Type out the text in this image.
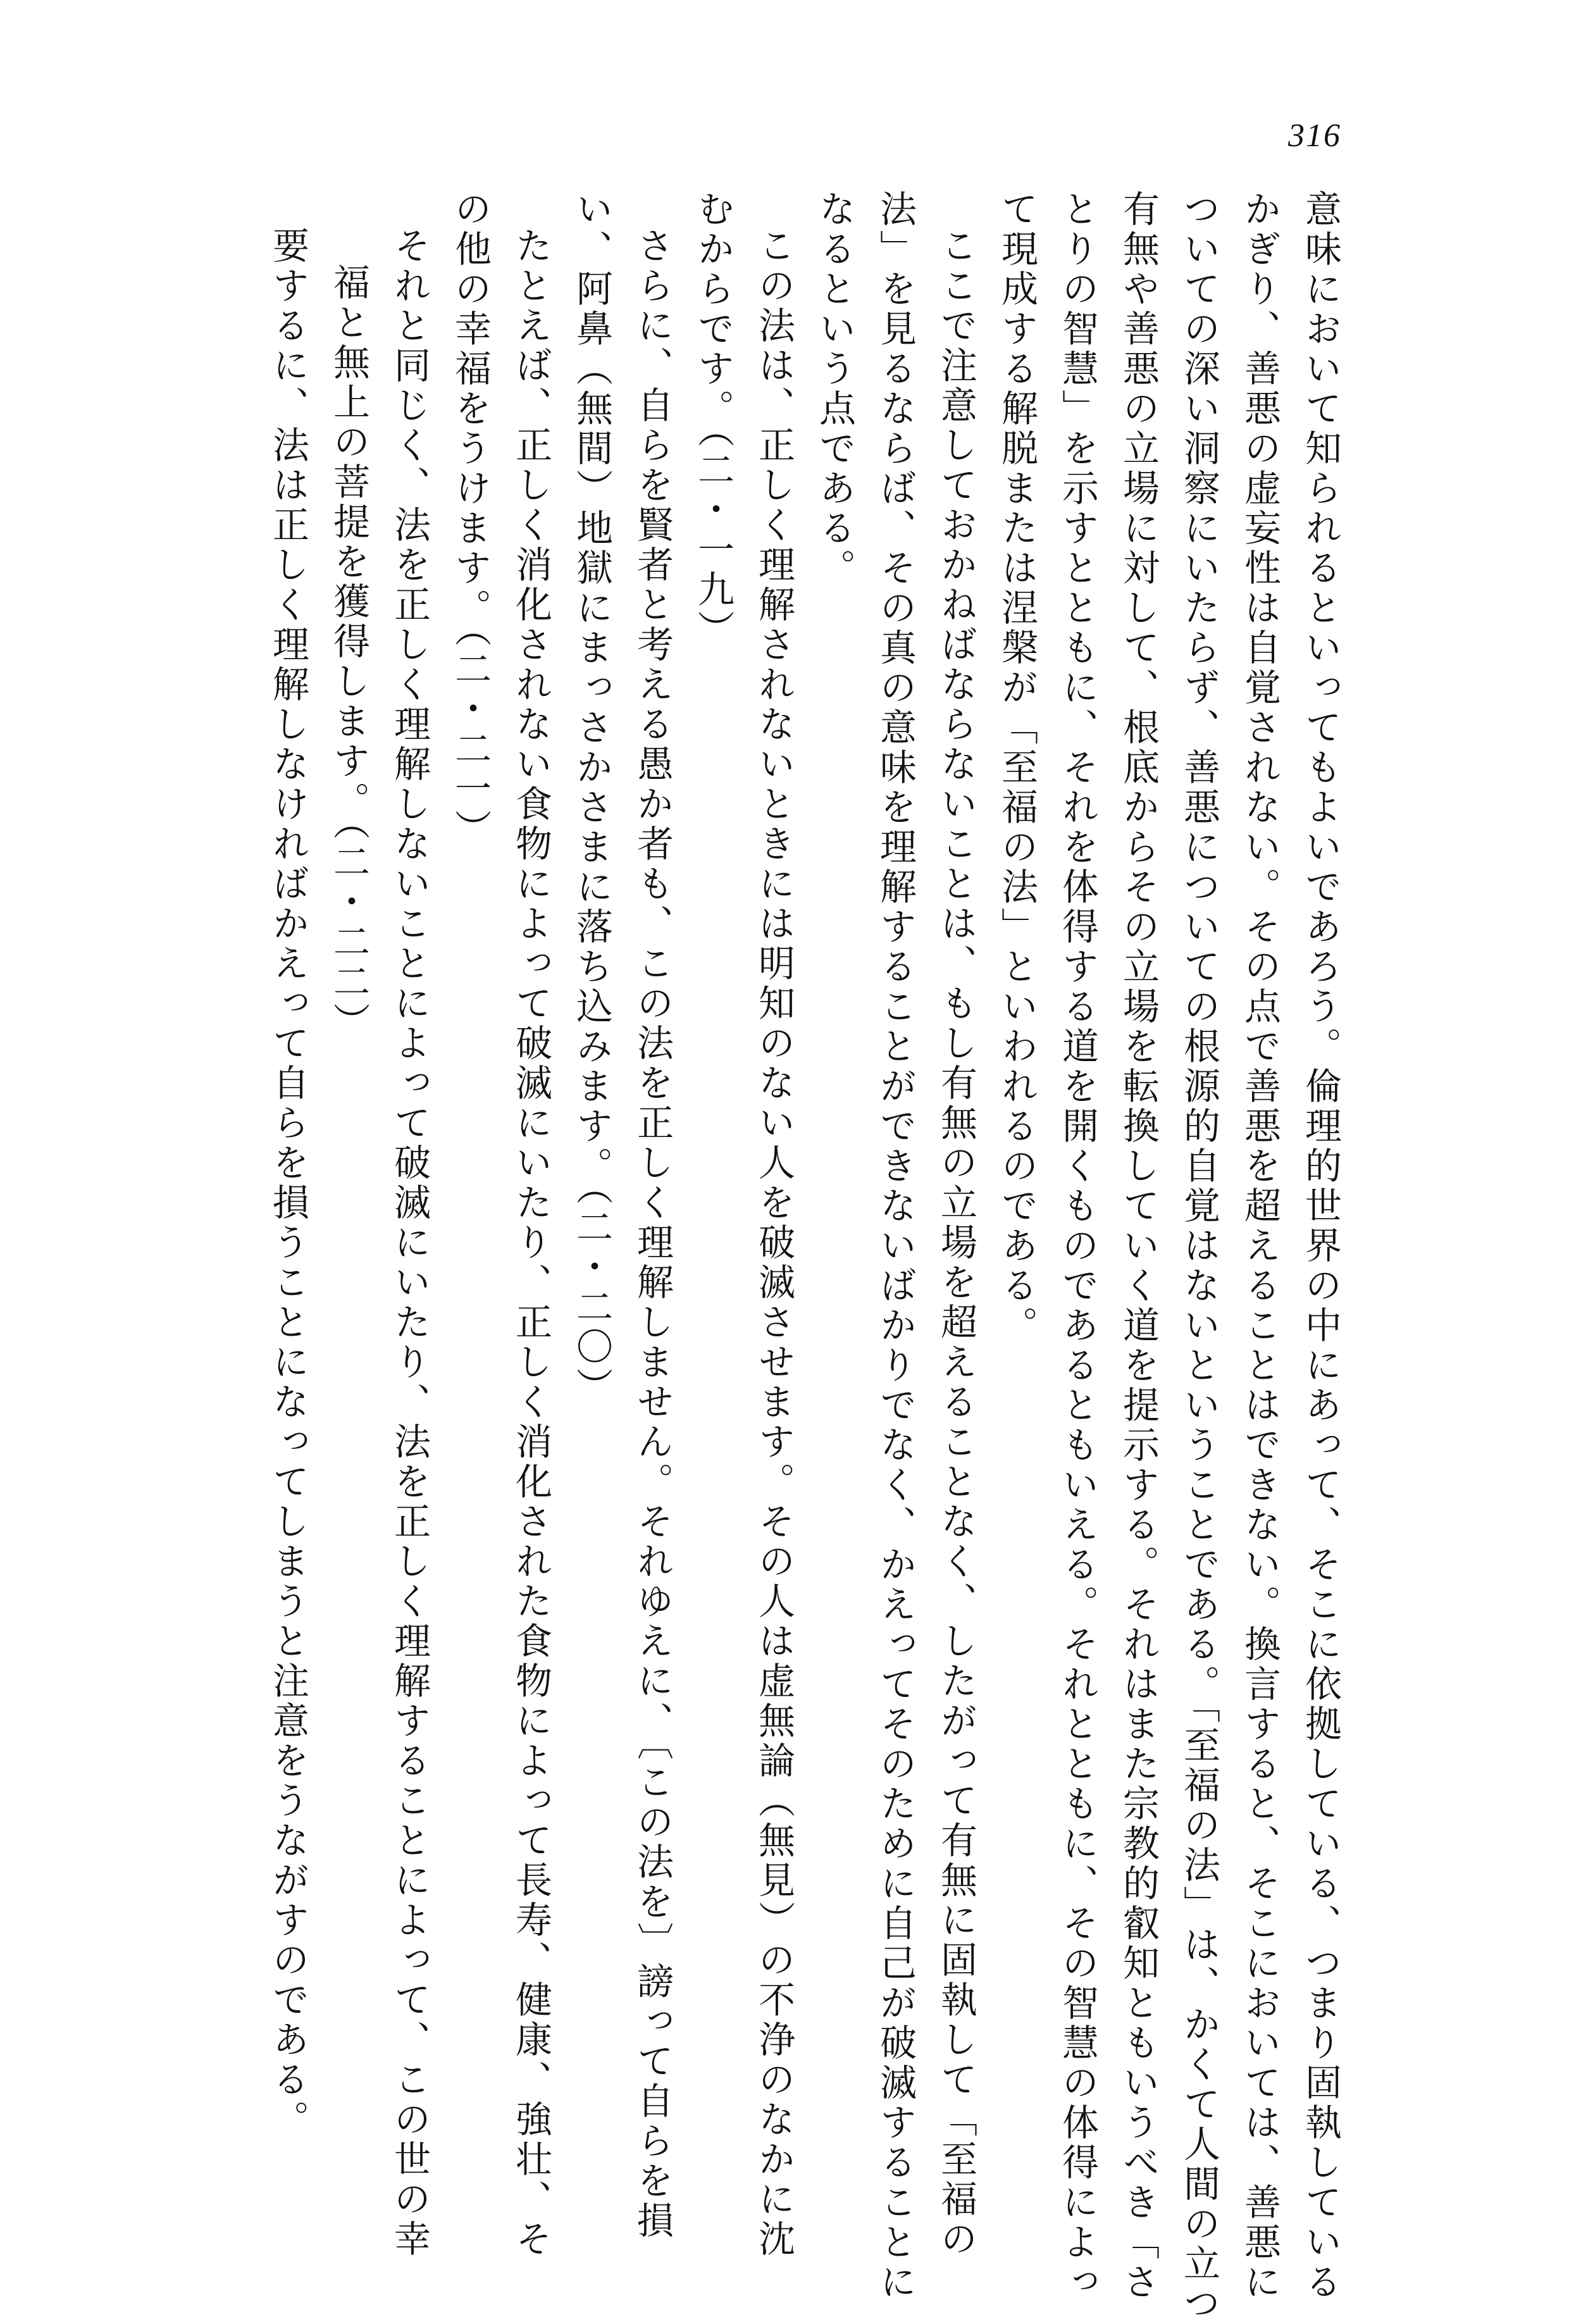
316

意味において知られるといってもよいであろう。倫理的世界の中にあって、そこに依拠している、つまり固執している

かぎり、善悪の虚妄性は自覚されない。その点で善悪を超えることはできない。換言すると、そこにおいては、善悪に

ついての深い洞察にいたらず、善悪についての根源的自覚はないということである。「至福の法」は、かくて人間の立つ

有無や善悪の立場に対して、根底からその立場を転換していく道を提示する。それはまた宗教的叡知ともいうべき「さ

とりの智慧」を示すとともに、それを体得する道を開くものであるともいえる。それとともに、その智慧の体得によっ

て現成する解脱または涅槃が「至福の法」といわれるのである。

ここで注意しておかねばならないことは、もし有無の立場を超えることなく、したがって有無に固執して「至福の

法」を見るならば、その真の意味を理解することができないばかりでなく、かえってそのために自己が破滅することに

なるという点である。

この法は、正しく理解されないときには明知のない人を破滅させます。その人は虚無論（無見）の不浄のなかに沈

むからです。（二・一九）

さらに、自らを賢者と考える愚か者も、この法を正しく理解しません。それゆえに、〔この法を〕謗って自らを損

い、阿鼻（無間）地獄にまっさかさまに落ち込みます。（二・二〇）

たとえば、正しく消化されない食物によって破滅にいたり、正しく消化された食物によって長寿、健康、強壮、そ

の他の幸福をうけます。（二・二一）

それと同じく、法を正しく理解しないことによって破滅にいたり、法を正しく理解することによって、この世の幸

福と無上の菩提を獲得します。（二・二二）

要するに、法は正しく理解しなければかえって自らを損うことになってしまうと注意をうながすのである。
